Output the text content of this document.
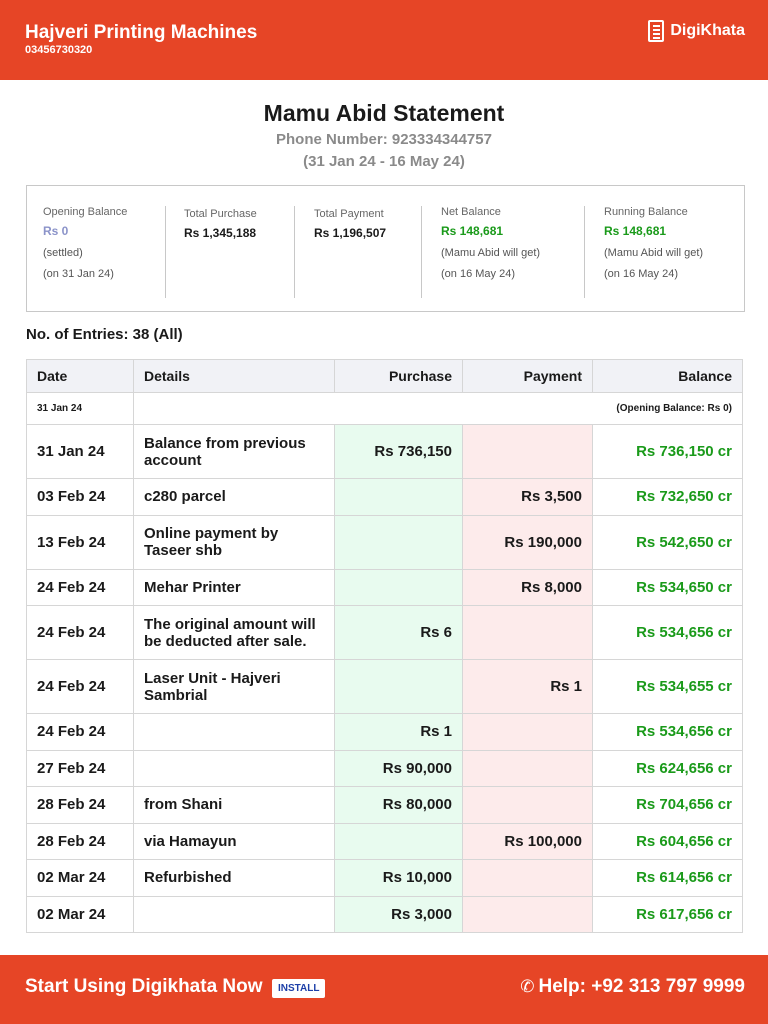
Hajveri Printing Machines
03456730320
DigiKhata
Mamu Abid Statement
Phone Number: 923334344757
(31 Jan 24 - 16 May 24)
Opening Balance
Rs 0
(settled)
(on 31 Jan 24)
Total Purchase
Rs 1,345,188
Total Payment
Rs 1,196,507
Net Balance
Rs 148,681
(Mamu Abid will get)
(on 16 May 24)
Running Balance
Rs 148,681
(Mamu Abid will get)
(on 16 May 24)
No. of Entries: 38 (All)
Date	Details	Purchase	Payment	Balance
31 Jan 24	(Opening Balance: Rs 0)			
31 Jan 24	Balance from previous account	Rs 736,150		Rs 736,150 cr
03 Feb 24	c280 parcel		Rs 3,500	Rs 732,650 cr
13 Feb 24	Online payment by Taseer shb		Rs 190,000	Rs 542,650 cr
24 Feb 24	Mehar Printer		Rs 8,000	Rs 534,650 cr
24 Feb 24	The original amount will be deducted after sale.	Rs 6		Rs 534,656 cr
24 Feb 24	Laser Unit - Hajveri Sambrial		Rs 1	Rs 534,655 cr
24 Feb 24		Rs 1		Rs 534,656 cr
27 Feb 24		Rs 90,000		Rs 624,656 cr
28 Feb 24	from Shani	Rs 80,000		Rs 704,656 cr
28 Feb 24	via Hamayun		Rs 100,000	Rs 604,656 cr
02 Mar 24	Refurbished	Rs 10,000		Rs 614,656 cr
02 Mar 24		Rs 3,000		Rs 617,656 cr
Start Using Digikhata Now	INSTALL	✆ Help: +92 313 797 9999
